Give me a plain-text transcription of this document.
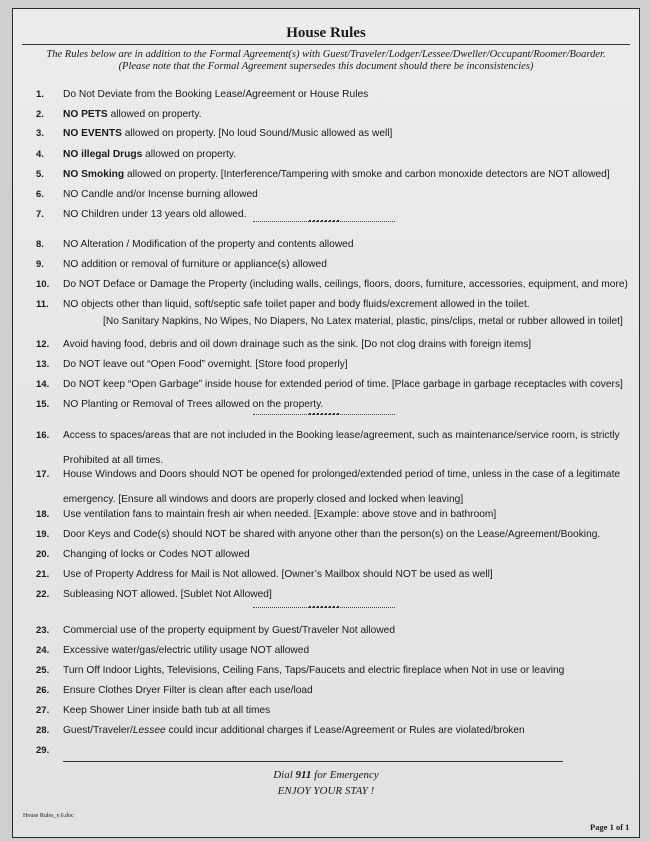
House Rules
The Rules below are in addition to the Formal Agreement(s) with Guest/Traveler/Lodger/Lessee/Dweller/Occupant/Roomer/Boarder.
(Please note that the Formal Agreement supersedes this document should there be inconsistencies)
1.	Do Not Deviate from the Booking Lease/Agreement or House Rules
2.	NO PETS allowed on property.
3.	NO EVENTS allowed on property. [No loud Sound/Music allowed as well]
4.	NO illegal Drugs allowed on property.
5.	NO Smoking allowed on property. [Interference/Tampering with smoke and carbon monoxide detectors are NOT allowed]
6.	NO Candle and/or Incense burning allowed
7.	NO Children under 13 years old allowed.
8.	NO Alteration / Modification of the property and contents allowed
9.	NO addition or removal of furniture or appliance(s) allowed
10.	Do NOT Deface or Damage the Property (including walls, ceilings, floors, doors, furniture, accessories, equipment, and more)
11.	NO objects other than liquid, soft/septic safe toilet paper and body fluids/excrement allowed in the toilet.
12.	Avoid having food, debris and oil down drainage such as the sink. [Do not clog drains with foreign items]
13.	Do NOT leave out “Open Food” overnight. [Store food properly]
14.	Do NOT keep “Open Garbage” inside house for extended period of time. [Place garbage in garbage receptacles with covers]
15.	NO Planting or Removal of Trees allowed on the property.
16.	Access to spaces/areas that are not included in the Booking lease/agreement, such as maintenance/service room, is strictly
17.	House Windows and Doors should NOT be opened for prolonged/extended period of time, unless in the case of a legitimate
18.	Use ventilation fans to maintain fresh air when needed. [Example: above stove and in bathroom]
19.	Door Keys and Code(s) should NOT be shared with anyone other than the person(s) on the Lease/Agreement/Booking.
20.	Changing of locks or Codes NOT allowed
21.	Use of Property Address for Mail is Not allowed. [Owner’s Mailbox should NOT be used as well]
22.	Subleasing NOT allowed. [Sublet Not Allowed]
23.	Commercial use of the property equipment by Guest/Traveler Not allowed
24.	Excessive water/gas/electric utility usage NOT allowed
25.	Turn Off Indoor Lights, Televisions, Ceiling Fans, Taps/Faucets and electric fireplace when Not in use or leaving
26.	Ensure Clothes Dryer Filter is clean after each use/load
27.	Keep Shower Liner inside bath tub at all times
28.	Guest/Traveler/Lessee could incur additional charges if Lease/Agreement or Rules are violated/broken
29.
[No Sanitary Napkins, No Wipes, No Diapers, No Latex material, plastic, pins/clips, metal or rubber allowed in toilet]
Prohibited at all times.
emergency. [Ensure all windows and doors are properly closed and locked when leaving]
Dial 911 for Emergency
ENJOY YOUR STAY !
House Rules_v.6.doc
Page 1 of 1
